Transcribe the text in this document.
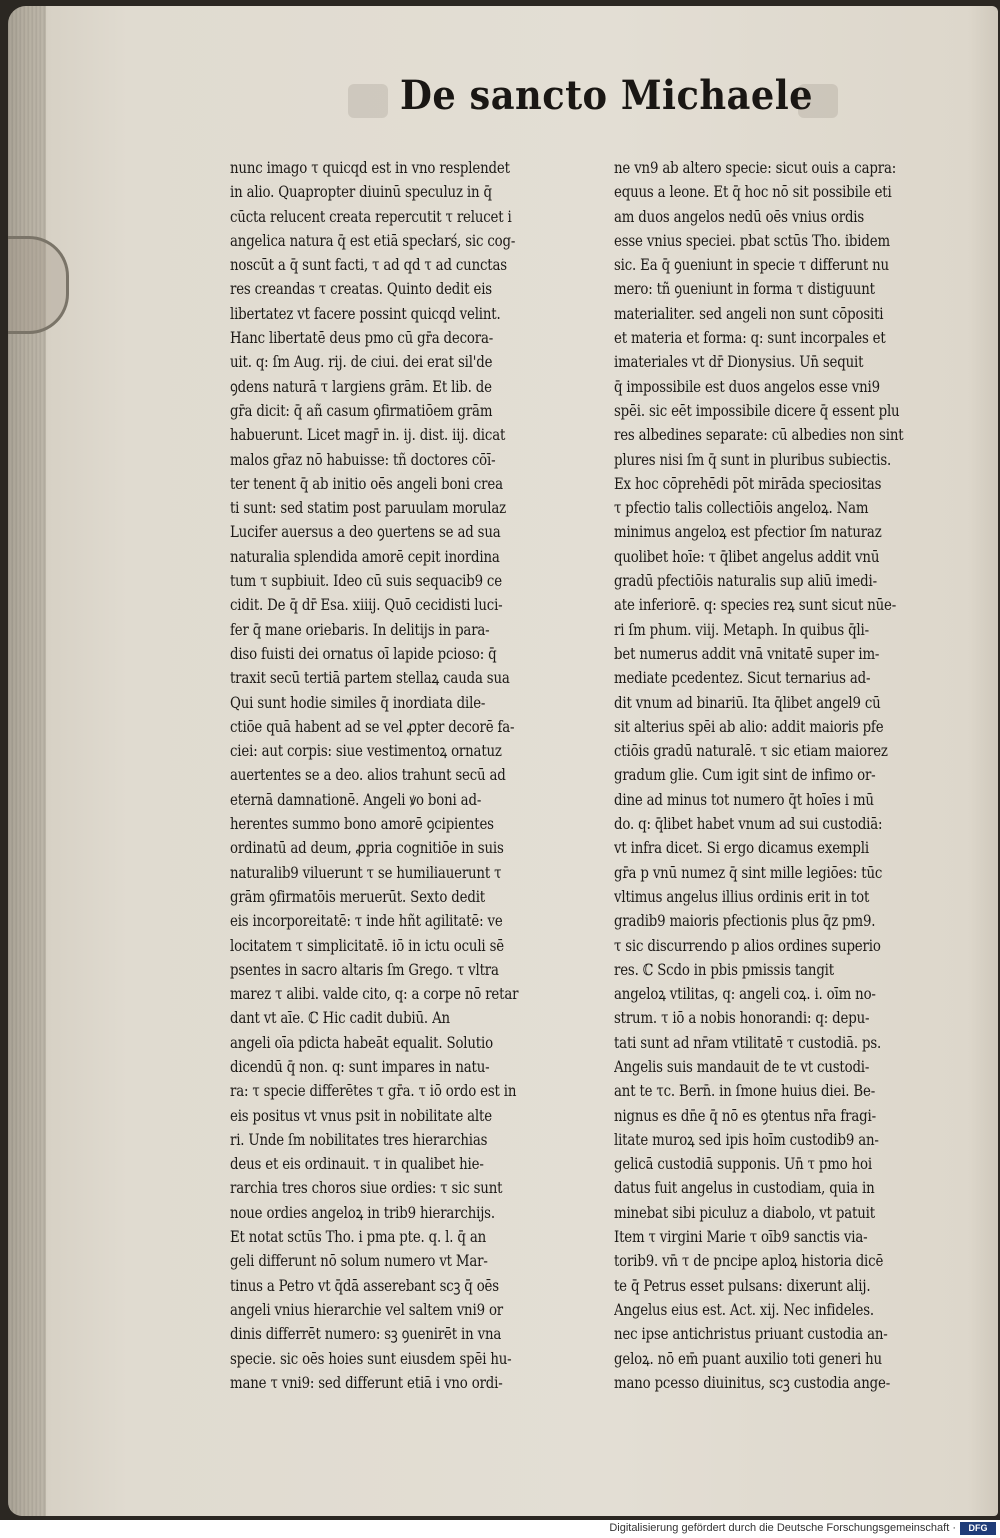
De sancto Michaele
nunc imago τ quicqd est in vno resplendet
in alio. Quapropter diuinū speculuz in q̄
cūcta relucent creata repercutit τ relucet i
angelica natura q̄ est etiā specłarś, sic cog-
noscūt a q̄ sunt facti, τ ad qd τ ad cunctas
res creandas τ creatas. Quinto dedit eis
libertatez vt facere possint quicqd velint.
Hanc libertatē deus pmo cū gr̄a decora-
uit. q: ſm Aug. rij. de ciui. dei erat sil'de
ꝯdens naturā τ largiens grām. Et lib. de
gr̄a dicit: q̄ añ casum ꝯfirmatiōem grām
habuerunt. Licet magr̄ in. ij. dist. iij. dicat
malos gr̄az nō habuisse: tñ doctores cōī-
ter tenent q̄ ab initio oēs angeli boni crea
ti sunt: sed statim post paruulam morulaz
Lucifer auersus a deo ꝯuertens se ad sua
naturalia splendida amorē cepit inordina
tum τ supbiuit. Ideo cū suis sequacib9 ce
cidit. De q̄ dr̄ Esa. xiiij. Quō cecidisti luci-
fer q̄ mane oriebaris. In delitijs in para-
diso fuisti dei ornatus oī lapide pcioso: q̄
traxit secū tertiā partem stellaꝝ cauda sua
Qui sunt hodie similes q̄ inordiata dile-
ctiōe quā habent ad se vel ꝓpter decorē fa-
ciei: aut corpis: siue vestimentoꝝ ornatuz
auertentes se a deo. alios trahunt secū ad
eternā damnationē. Angeli ꝟo boni ad-
herentes summo bono amorē ꝯcipientes
ordinatū ad deum, ꝓpria cognitiōe in suis
naturalib9 viluerunt τ se humiliauerunt τ
grām ꝯfirmatōis meruerūt. Sexto dedit
eis incorporeitatē: τ inde hñt agilitatē: ve
locitatem τ simplicitatē. iō in ictu oculi sē
psentes in sacro altaris ſm Grego. τ vltra
marez τ alibi. valde cito, q: a corpe nō retar
dant vt aīe. ℂ Hic cadit dubiū. An
angeli oīa pdicta habeāt equalit. Solutio
dicendū q̄ non. q: sunt impares in natu-
ra: τ specie differētes τ gr̄a. τ iō ordo est in
eis positus vt vnus psit in nobilitate alte
ri. Unde ſm nobilitates tres hierarchias
deus et eis ordinauit. τ in qualibet hie-
rarchia tres choros siue ordies: τ sic sunt
noue ordies angeloꝝ in trib9 hierarchijs.
Et notat sctūs Tho. i pma pte. q. l. q̄ an
geli differunt nō solum numero vt Mar-
tinus a Petro vt q̄dā asserebant scꝫ q̄ oēs
angeli vnius hierarchie vel saltem vni9 or
dinis differrēt numero: sꝫ ꝯuenirēt in vna
specie. sic oēs hoies sunt eiusdem spēi hu-
mane τ vni9: sed differunt etiā i vno ordi-
ne vn9 ab altero specie: sicut ouis a capra:
equus a leone. Et q̄ hoc nō sit possibile eti
am duos angelos nedū oēs vnius ordis
esse vnius speciei. pbat sctūs Tho. ibidem
sic. Ea q̄ ꝯueniunt in specie τ differunt nu
mero: tñ ꝯueniunt in forma τ distiguunt
materialiter. sed angeli non sunt cōpositi
et materia et forma: q: sunt incorpales et
imateriales vt dr̄ Dionysius. Un̄ sequit
q̄ impossibile est duos angelos esse vni9
spēi. sic eēt impossibile dicere q̄ essent plu
res albedines separate: cū albedies non sint
plures nisi ſm q̄ sunt in pluribus subiectis.
Ex hoc cōprehēdi pōt mirāda speciositas
τ pfectio talis collectiōis angeloꝝ. Nam
minimus angeloꝝ est pfectior ſm naturaz
quolibet hoīe: τ q̄libet angelus addit vnū
gradū pfectiōis naturalis sup aliū imedi-
ate inferiorē. q: species reꝝ sunt sicut nūe-
ri ſm phum. viij. Metaph. In quibus q̄li-
bet numerus addit vnā vnitatē super im-
mediate pcedentez. Sicut ternarius ad-
dit vnum ad binariū. Ita q̄libet angel9 cū
sit alterius spēi ab alio: addit maioris pfe
ctiōis gradū naturalē. τ sic etiam maiorez
gradum glie. Cum igit sint de infimo or-
dine ad minus tot numero q̄t hoīes i mū
do. q: q̄libet habet vnum ad sui custodiā:
vt infra dicet. Si ergo dicamus exempli
gr̄a p vnū numez q̄ sint mille legiōes: tūc
vltimus angelus illius ordinis erit in tot
gradib9 maioris pfectionis plus q̄z pm9.
τ sic discurrendo p alios ordines superio
res. ℂ Scdo in pbis pmissis tangit
angeloꝝ vtilitas, q: angeli coꝝ. i. oīm no-
strum. τ iō a nobis honorandi: q: depu-
tati sunt ad nr̄am vtilitatē τ custodiā. ps.
Angelis suis mandauit de te vt custodi-
ant te τc. Bern̄. in ſmone huius diei. Be-
nignus es dn̄e q̄ nō es ꝯtentus nr̄a fragi-
litate muroꝝ sed ipis hoīm custodib9 an-
gelicā custodiā supponis. Un̄ τ pmo hoi
datus fuit angelus in custodiam, quia in
minebat sibi piculuz a diabolo, vt patuit
Item τ virgini Marie τ oīb9 sanctis via-
torib9. vn̄ τ de pncipe aploꝝ historia dicē
te q̄ Petrus esset pulsans: dixerunt alij.
Angelus eius est. Act. xij. Nec infideles.
nec ipse antichristus priuant custodia an-
geloꝝ. nō em̄ puant auxilio toti generi hu
mano pcesso diuinitus, scꝫ custodia ange-
Digitalisierung gefördert durch die Deutsche Forschungsgemeinschaft ·	DFG
